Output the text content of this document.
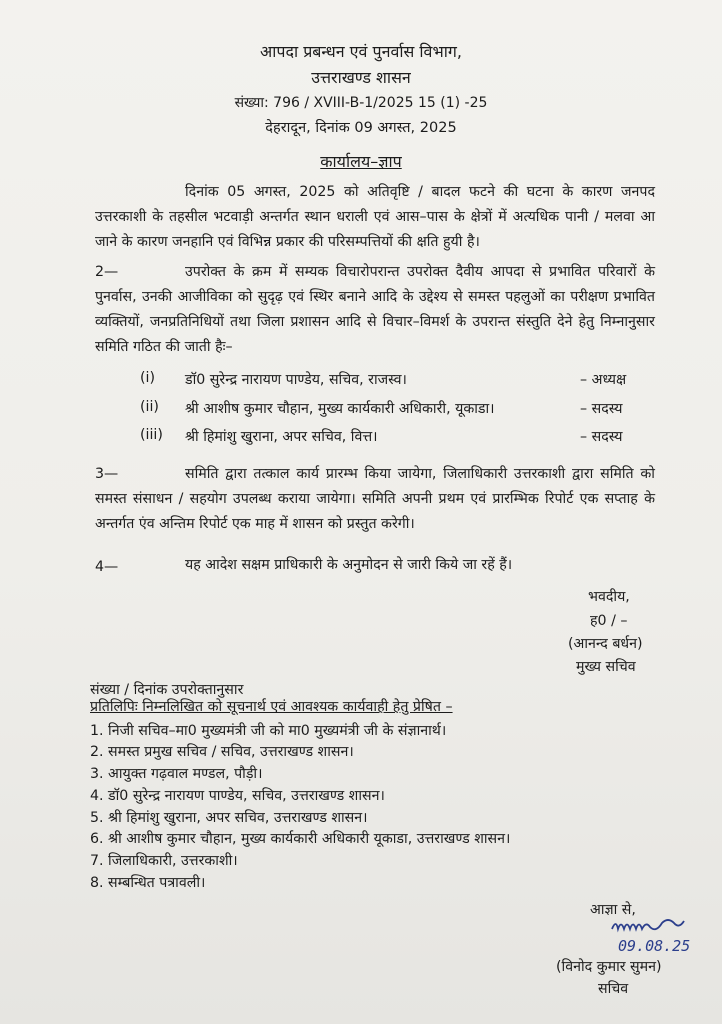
आपदा प्रबन्धन एवं पुनर्वास विभाग,
उत्तराखण्ड शासन
संख्या: 796 / XVIII-B-1/2025 15 (1) -25
देहरादून, दिनांक 09 अगस्त, 2025
कार्यालय–ज्ञाप
दिनांक 05 अगस्त, 2025 को अतिवृष्टि / बादल फटने की घटना के कारण जनपद उत्तरकाशी के तहसील भटवाड़ी अन्तर्गत स्थान धराली एवं आस–पास के क्षेत्रों में अत्यधिक पानी / मलवा आ जाने के कारण जनहानि एवं विभिन्न प्रकार की परिसम्पत्तियों की क्षति हुयी है।
2—	उपरोक्त के क्रम में सम्यक विचारोपरान्त उपरोक्त दैवीय आपदा से प्रभावित परिवारों के पुनर्वास, उनकी आजीविका को सुदृढ़ एवं स्थिर बनाने आदि के उद्देश्य से समस्त पहलुओं का परीक्षण प्रभावित व्यक्तियों, जनप्रतिनिधियों तथा जिला प्रशासन आदि से विचार–विमर्श के उपरान्त संस्तुति देने हेतु निम्नानुसार समिति गठित की जाती हैः–
(i) डॉ0 सुरेन्द्र नारायण पाण्डेय, सचिव, राजस्व।	– अध्यक्ष
(ii) श्री आशीष कुमार चौहान, मुख्य कार्यकारी अधिकारी, यूकाडा।	– सदस्य
(iii) श्री हिमांशु खुराना, अपर सचिव, वित्त।	– सदस्य
3—	समिति द्वारा तत्काल कार्य प्रारम्भ किया जायेगा, जिलाधिकारी उत्तरकाशी द्वारा समिति को समस्त संसाधन / सहयोग उपलब्ध कराया जायेगा। समिति अपनी प्रथम एवं प्रारम्भिक रिपोर्ट एक सप्ताह के अन्तर्गत एंव अन्तिम रिपोर्ट एक माह में शासन को प्रस्तुत करेगी।
4—	यह आदेश सक्षम प्राधिकारी के अनुमोदन से जारी किये जा रहें हैं।
भवदीय,
ह0 / –
(आनन्द बर्धन)
मुख्य सचिव
संख्या / दिनांक उपरोक्तानुसार
प्रतिलिपिः निम्नलिखित को सूचनार्थ एवं आवश्यक कार्यवाही हेतु प्रेषित –
1. निजी सचिव–मा0 मुख्यमंत्री जी को मा0 मुख्यमंत्री जी के संज्ञानार्थ।
2. समस्त प्रमुख सचिव / सचिव, उत्तराखण्ड शासन।
3. आयुक्त गढ़वाल मण्डल, पौड़ी।
4. डॉ0 सुरेन्द्र नारायण पाण्डेय, सचिव, उत्तराखण्ड शासन।
5. श्री हिमांशु खुराना, अपर सचिव, उत्तराखण्ड शासन।
6. श्री आशीष कुमार चौहान, मुख्य कार्यकारी अधिकारी यूकाडा, उत्तराखण्ड शासन।
7. जिलाधिकारी, उत्तरकाशी।
8. सम्बन्धित पत्रावली।
आज्ञा से,
09.08.25
(विनोद कुमार सुमन)
सचिव
